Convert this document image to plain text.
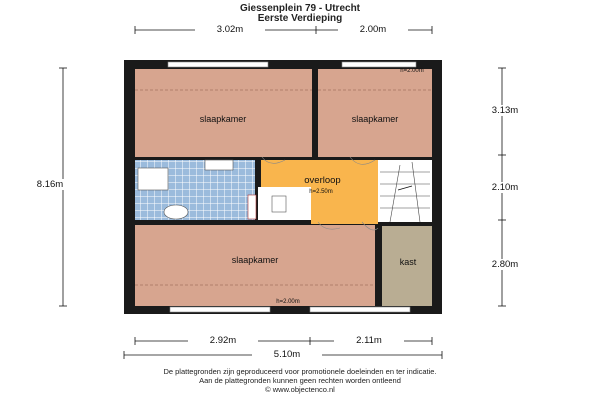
Giessenplein 79 - Utrecht
Eerste Verdieping
3.02m	2.00m
2.92m	2.11m
5.10m
8.16m
3.13m
2.10m
2.80m
slaapkamer	slaapkamer
overloop
slaapkamer	kast
h=2.00m
h=2.50m
h=2.00m
De plattegronden zijn geproduceerd voor promotionele doeleinden en ter indicatie.
Aan de plattegronden kunnen geen rechten worden ontleend
© www.objectenco.nl
